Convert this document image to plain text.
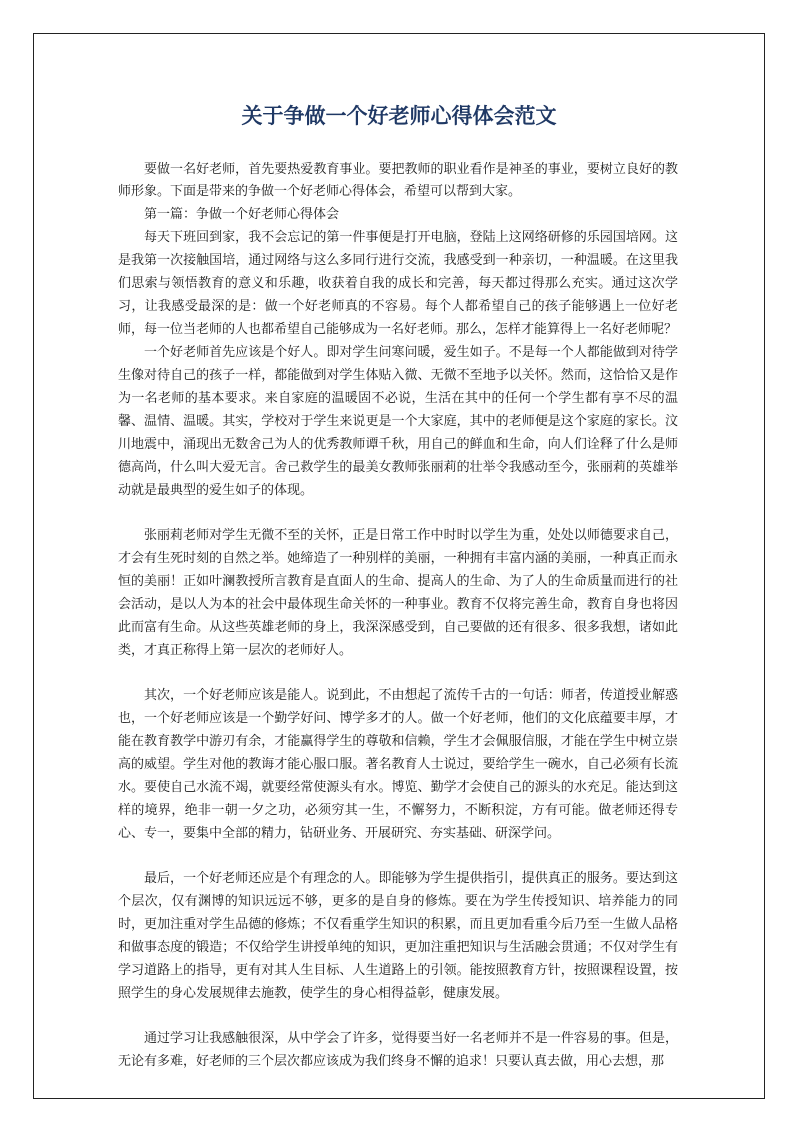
关于争做一个好老师心得体会范文

要做一名好老师，首先要热爱教育事业。要把教师的职业看作是神圣的事业，要树立良好的教师形象。下面是带来的争做一个好老师心得体会，希望可以帮到大家。

第一篇：争做一个好老师心得体会

每天下班回到家，我不会忘记的第一件事便是打开电脑，登陆上这网络研修的乐园国培网。这是我第一次接触国培，通过网络与这么多同行进行交流，我感受到一种亲切，一种温暖。在这里我们思索与领悟教育的意义和乐趣，收获着自我的成长和完善，每天都过得那么充实。通过这次学习，让我感受最深的是：做一个好老师真的不容易。每个人都希望自己的孩子能够遇上一位好老师，每一位当老师的人也都希望自己能够成为一名好老师。那么，怎样才能算得上一名好老师呢？

一个好老师首先应该是个好人。即对学生问寒问暖，爱生如子。不是每一个人都能做到对待学生像对待自己的孩子一样，都能做到对学生体贴入微、无微不至地予以关怀。然而，这恰恰又是作为一名老师的基本要求。来自家庭的温暖固不必说，生活在其中的任何一个学生都有享不尽的温馨、温情、温暖。其实，学校对于学生来说更是一个大家庭，其中的老师便是这个家庭的家长。汶川地震中，涌现出无数舍己为人的优秀教师谭千秋，用自己的鲜血和生命，向人们诠释了什么是师德高尚，什么叫大爱无言。舍己救学生的最美女教师张丽莉的壮举令我感动至今，张丽莉的英雄举动就是最典型的爱生如子的体现。

张丽莉老师对学生无微不至的关怀，正是日常工作中时时以学生为重，处处以师德要求自己，才会有生死时刻的自然之举。她缔造了一种别样的美丽，一种拥有丰富内涵的美丽，一种真正而永恒的美丽！正如叶澜教授所言教育是直面人的生命、提高人的生命、为了人的生命质量而进行的社会活动，是以人为本的社会中最体现生命关怀的一种事业。教育不仅将完善生命，教育自身也将因此而富有生命。从这些英雄老师的身上，我深深感受到，自己要做的还有很多、很多我想，诸如此类，才真正称得上第一层次的老师好人。

其次，一个好老师应该是能人。说到此，不由想起了流传千古的一句话：师者，传道授业解惑也，一个好老师应该是一个勤学好问、博学多才的人。做一个好老师，他们的文化底蕴要丰厚，才能在教育教学中游刃有余，才能赢得学生的尊敬和信赖，学生才会佩服信服，才能在学生中树立崇高的威望。学生对他的教诲才能心服口服。著名教育人士说过，要给学生一碗水，自己必须有长流水。要使自己水流不竭，就要经常使源头有水。博览、勤学才会使自己的源头的水充足。能达到这样的境界，绝非一朝一夕之功，必须穷其一生，不懈努力，不断积淀，方有可能。做老师还得专心、专一，要集中全部的精力，钻研业务、开展研究、夯实基础、研深学问。

最后，一个好老师还应是个有理念的人。即能够为学生提供指引，提供真正的服务。要达到这个层次，仅有渊博的知识远远不够，更多的是自身的修炼。要在为学生传授知识、培养能力的同时，更加注重对学生品德的修炼；不仅看重学生知识的积累，而且更加看重今后乃至一生做人品格和做事态度的锻造；不仅给学生讲授单纯的知识，更加注重把知识与生活融会贯通；不仅对学生有学习道路上的指导，更有对其人生目标、人生道路上的引领。能按照教育方针，按照课程设置，按照学生的身心发展规律去施教，使学生的身心相得益彰，健康发展。

通过学习让我感触很深，从中学会了许多，觉得要当好一名老师并不是一件容易的事。但是，无论有多难，好老师的三个层次都应该成为我们终身不懈的追求！只要认真去做，用心去想，那
